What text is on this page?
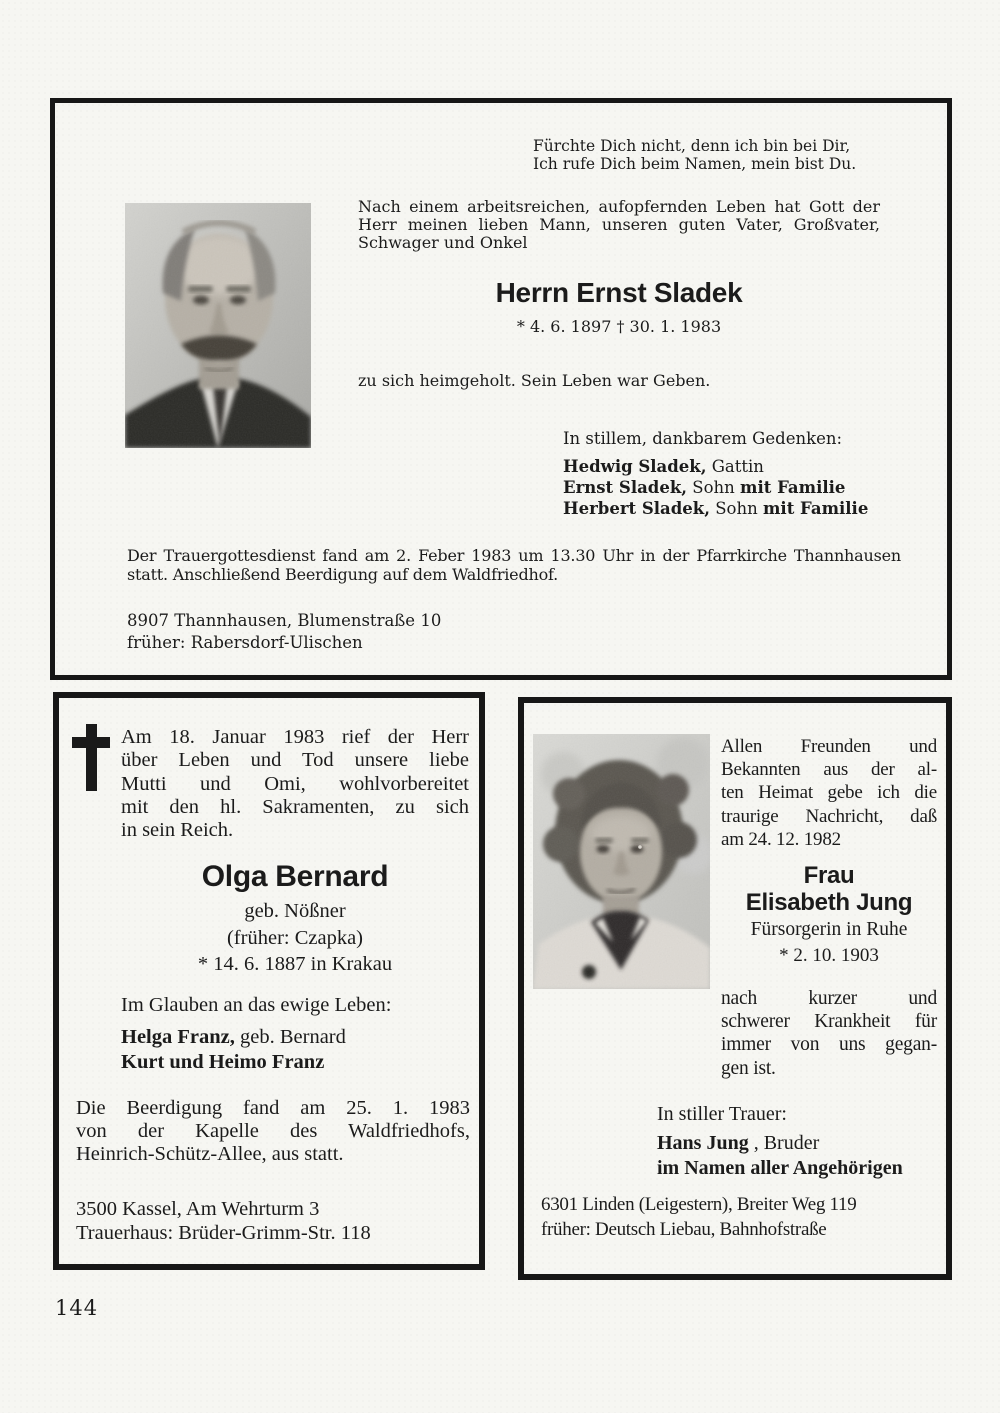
Fürchte Dich nicht, denn ich bin bei Dir,
Ich rufe Dich beim Namen, mein bist Du.
Nach einem arbeitsreichen, aufopfernden Leben hat Gott der
Herr meinen lieben Mann, unseren guten Vater, Großvater,
Schwager und Onkel
Herrn Ernst Sladek
* 4. 6. 1897 † 30. 1. 1983
zu sich heimgeholt. Sein Leben war Geben.
In stillem, dankbarem Gedenken:
Hedwig Sladek, Gattin
Ernst Sladek, Sohn mit Familie
Herbert Sladek, Sohn mit Familie
Der Trauergottesdienst fand am 2. Feber 1983 um 13.30 Uhr in der Pfarrkirche Thannhausen
statt. Anschließend Beerdigung auf dem Waldfriedhof.
8907 Thannhausen, Blumenstraße 10
früher: Rabersdorf-Ulischen
Am 18. Januar 1983 rief der Herr
über Leben und Tod unsere liebe
Mutti und Omi, wohlvorbereitet
mit den hl. Sakramenten, zu sich
in sein Reich.
Olga Bernard
geb. Nößner
(früher: Czapka)
* 14. 6. 1887 in Krakau
Im Glauben an das ewige Leben:
Helga Franz, geb. Bernard
Kurt und Heimo Franz
Die Beerdigung fand am 25. 1. 1983
von der Kapelle des Waldfriedhofs,
Heinrich-Schütz-Allee, aus statt.
3500 Kassel, Am Wehrturm 3
Trauerhaus: Brüder-Grimm-Str. 118
Allen Freunden und
Bekannten aus der al-
ten Heimat gebe ich die
traurige Nachricht, daß
am 24. 12. 1982
Frau
Elisabeth Jung
Fürsorgerin in Ruhe
* 2. 10. 1903
nach kurzer und
schwerer Krankheit für
immer von uns gegan-
gen ist.
In stiller Trauer:
Hans Jung , Bruder
im Namen aller Angehörigen
6301 Linden (Leigestern), Breiter Weg 119
früher: Deutsch Liebau, Bahnhofstraße
144
